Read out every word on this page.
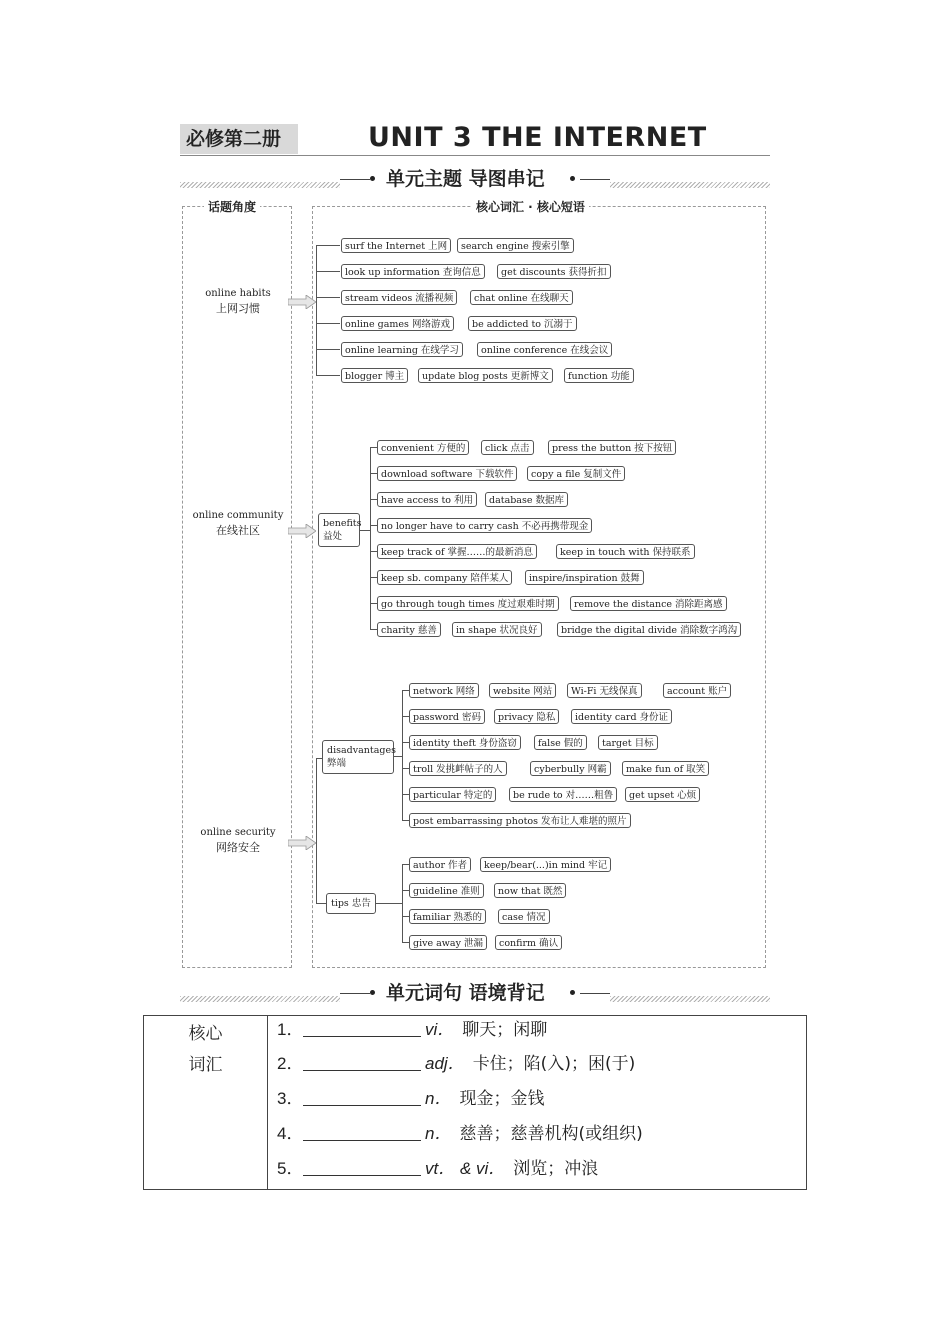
必修第二册	UNIT 3 THE INTERNET
单元主题 导图串记
话题角度	核心词汇 · 核心短语
online habits
上网习惯
online community
在线社区
online security
网络安全
surf the Internet 上网	search engine 搜索引擎
look up information 查询信息	get discounts 获得折扣
stream videos 流播视频	chat online 在线聊天
online games 网络游戏	be addicted to 沉溺于
online learning 在线学习	online conference 在线会议
blogger 博主	update blog posts 更新博文	function 功能
benefits
益处
convenient 方便的	click 点击	press the button 按下按钮
download software 下载软件	copy a file 复制文件
have access to 利用	database 数据库
no longer have to carry cash 不必再携带现金
keep track of 掌握……的最新消息	keep in touch with 保持联系
keep sb. company 陪伴某人	inspire/inspiration 鼓舞
go through tough times 度过艰难时期	remove the distance 消除距离感
charity 慈善	in shape 状况良好	bridge the digital divide 消除数字鸿沟
disadvantages
弊端
network 网络	website 网站	Wi-Fi 无线保真	account 账户
password 密码	privacy 隐私	identity card 身份证
identity theft 身份盗窃	false 假的	target 目标
troll 发挑衅帖子的人	cyberbully 网霸	make fun of 取笑
particular 特定的	be rude to 对……粗鲁	get upset 心烦
post embarrassing photos 发布让人难堪的照片
tips 忠告
author 作者	keep/bear(...)in mind 牢记
guideline 准则	now that 既然
familiar 熟悉的	case 情况
give away 泄漏	confirm 确认
单元词句 语境背记
核心
词汇
1．	vi． 聊天；闲聊
2．	adj． 卡住；陷(入)；困(于)
3．	n． 现金；金钱
4．	n． 慈善；慈善机构(或组织)
5．	vt． & vi． 浏览；冲浪
